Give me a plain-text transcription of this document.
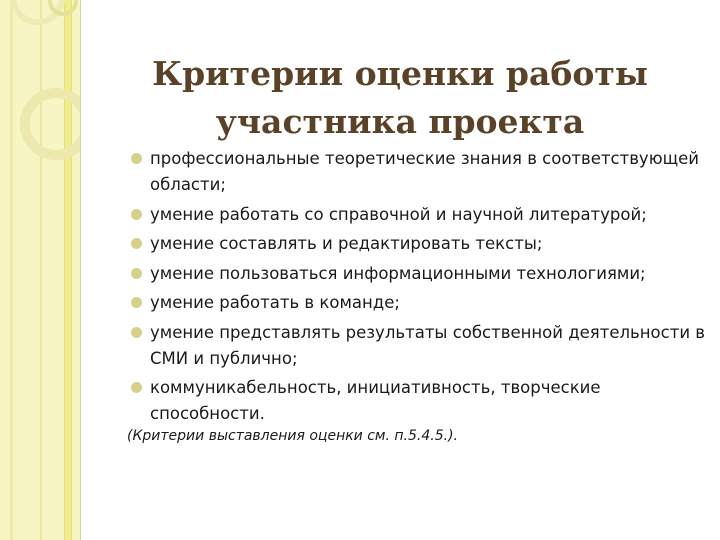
Критерии оценки работы
участника проекта
профессиональные теоретические знания в соответствующей области;
умение работать со справочной и научной литературой;
умение составлять и редактировать тексты;
умение пользоваться информационными технологиями;
умение работать в команде;
умение представлять результаты собственной деятельности в СМИ и публично;
коммуникабельность, инициативность, творческие способности.
(Критерии выставления оценки см. п.5.4.5.).
